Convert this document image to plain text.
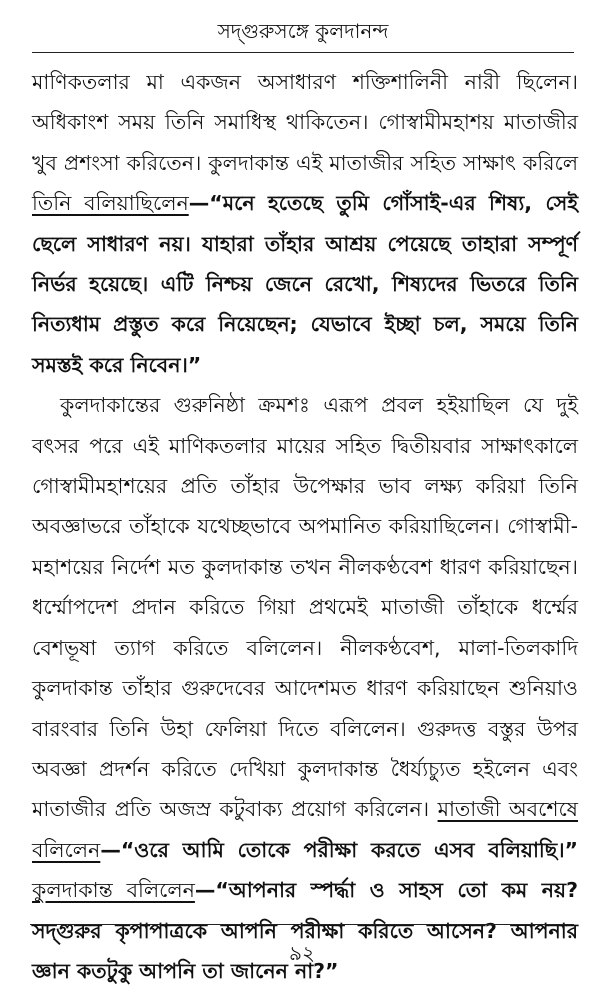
সদ্‌গুরুসঙ্গে কুলদানন্দ

মাণিকতলার মা একজন অসাধারণ শক্তিশালিনী নারী ছিলেন। অধিকাংশ সময় তিনি সমাধিস্থ থাকিতেন। গোস্বামীমহাশয় মাতাজীর খুব প্রশংসা করিতেন। কুলদাকান্ত এই মাতাজীর সহিত সাক্ষাৎ করিলে তিনি বলিয়াছিলেন—“মনে হতেছে তুমি গোঁসাই-এর শিষ্য, সেই ছেলে সাধারণ নয়। যাহারা তাঁহার আশ্রয় পেয়েছে তাহারা সম্পূর্ণ নির্ভর হয়েছে। এটি নিশ্চয় জেনে রেখো, শিষ্যদের ভিতরে তিনি নিত্যধাম প্রস্তুত করে নিয়েছেন; যেভাবে ইচ্ছা চল, সময়ে তিনি সমস্তই করে নিবেন।”

কুলদাকান্তের গুরুনিষ্ঠা ক্রমশঃ এরূপ প্রবল হইয়াছিল যে দুই বৎসর পরে এই মাণিকতলার মায়ের সহিত দ্বিতীয়বার সাক্ষাৎকালে গোস্বামীমহাশয়ের প্রতি তাঁহার উপেক্ষার ভাব লক্ষ্য করিয়া তিনি অবজ্ঞাভরে তাঁহাকে যথেচ্ছভাবে অপমানিত করিয়াছিলেন। গোস্বামী-মহাশয়ের নির্দেশ মত কুলদাকান্ত তখন নীলকণ্ঠবেশ ধারণ করিয়াছেন। ধর্ম্মোপদেশ প্রদান করিতে গিয়া প্রথমেই মাতাজী তাঁহাকে ধর্ম্মের বেশভূষা ত্যাগ করিতে বলিলেন। নীলকণ্ঠবেশ, মালা-তিলকাদি কুলদাকান্ত তাঁহার গুরুদেবের আদেশমত ধারণ করিয়াছেন শুনিয়াও বারংবার তিনি উহা ফেলিয়া দিতে বলিলেন। গুরুদত্ত বস্তুর উপর অবজ্ঞা প্রদর্শন করিতে দেখিয়া কুলদাকান্ত ধৈর্য্যচ্যুত হইলেন এবং মাতাজীর প্রতি অজস্র কটুবাক্য প্রয়োগ করিলেন। মাতাজী অবশেষে বলিলেন—“ওরে আমি তোকে পরীক্ষা করতে এসব বলিয়াছি।” কুলদাকান্ত বলিলেন—“আপনার স্পর্দ্ধা ও সাহস তো কম নয়? সদ্‌গুরুর কৃপাপাত্রকে আপনি পরীক্ষা করিতে আসেন? আপনার জ্ঞান কতটুকু আপনি তা জানেন না?”

৯২
